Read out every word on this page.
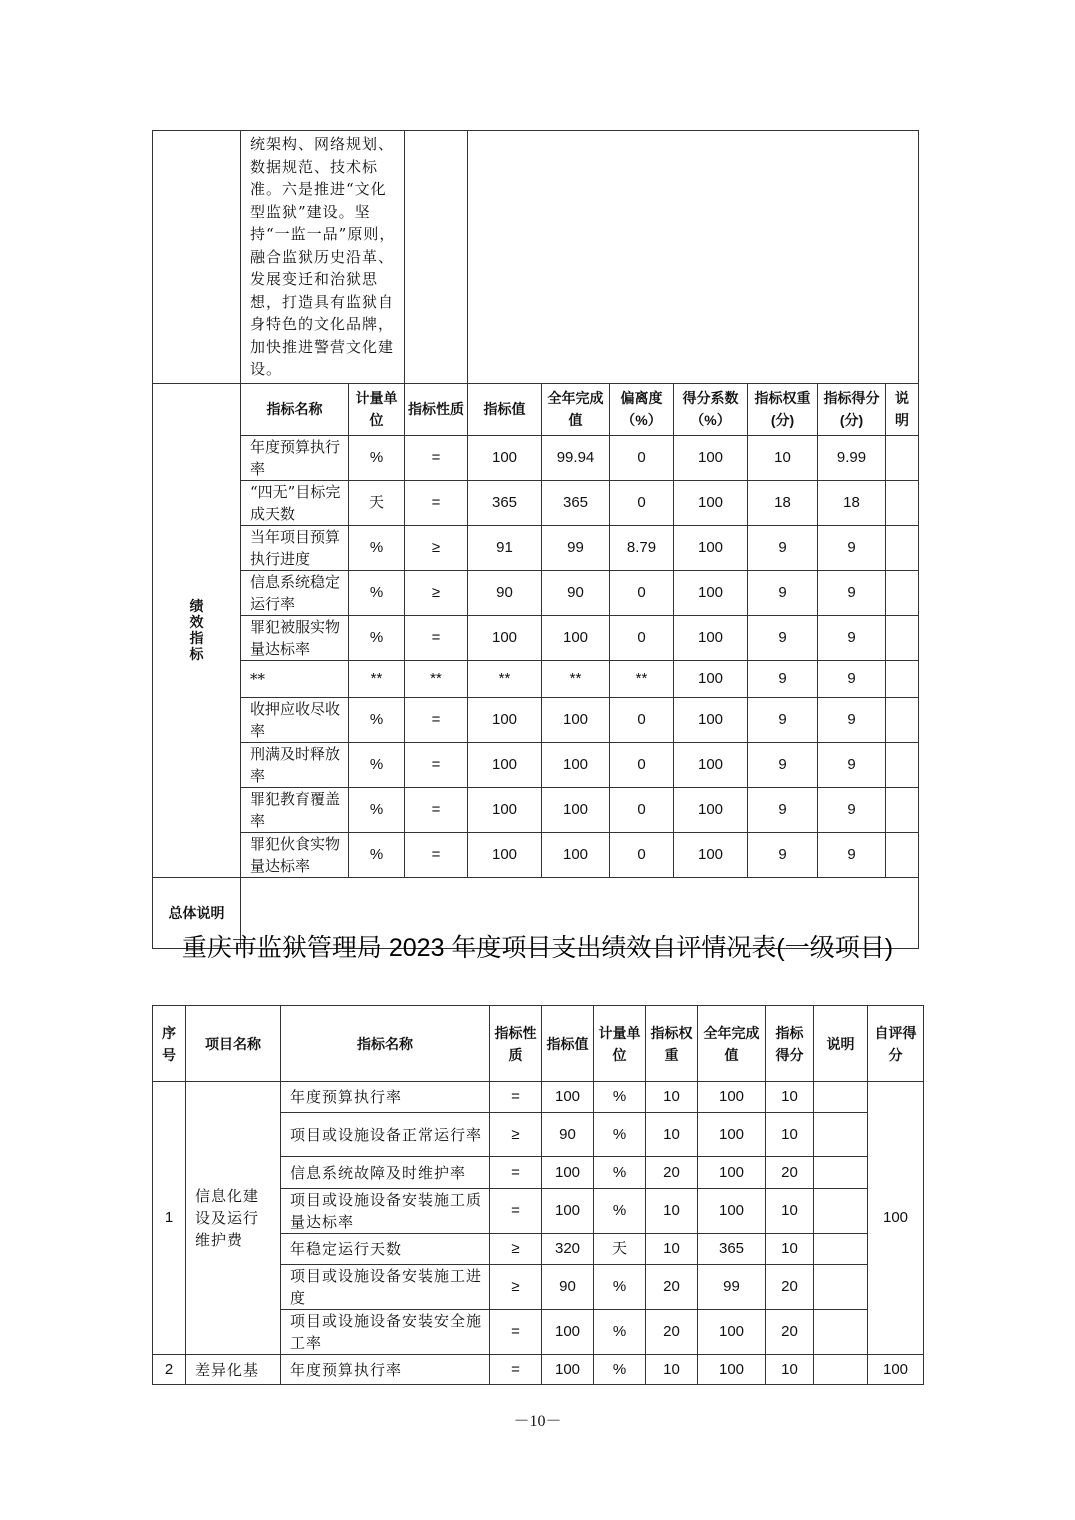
	统架构、网络规划、数据规范、技术标准。六是推进“文化型监狱”建设。坚持“一监一品”原则，融合监狱历史沿革、发展变迁和治狱思想，打造具有监狱自身特色的文化品牌，加快推进警营文化建设。									

绩
效
指
标	指标名称	计量单位	指标性质	指标值	全年完成值	偏离度（%）	得分系数（%）	指标权重(分)	指标得分(分)	说明
	年度预算执行率	%	=	100	99.94	0	100	10	9.99	
	“四无”目标完成天数	天	=	365	365	0	100	18	18	
	当年项目预算执行进度	%	≥	91	99	8.79	100	9	9	
	信息系统稳定运行率	%	≥	90	90	0	100	9	9	
	罪犯被服实物量达标率	%	=	100	100	0	100	9	9	
	**	**	**	**	**	**	100	9	9	
	收押应收尽收率	%	=	100	100	0	100	9	9	
	刑满及时释放率	%	=	100	100	0	100	9	9	
	罪犯教育覆盖率	%	=	100	100	0	100	9	9	
	罪犯伙食实物量达标率	%	=	100	100	0	100	9	9	
总体说明										
重庆市监狱管理局 2023 年度项目支出绩效自评情况表(一级项目)
序号	项目名称	指标名称	指标性质	指标值	计量单位	指标权重	全年完成值	指标得分	说明	自评得分
1	信息化建设及运行维护费	年度预算执行率	=	100	%	10	100	10		100
		项目或设施设备正常运行率	≥	90	%	10	100	10		
		信息系统故障及时维护率	=	100	%	20	100	20		
		项目或设施设备安装施工质量达标率	=	100	%	10	100	10		
		年稳定运行天数	≥	320	天	10	365	10		
		项目或设施设备安装施工进度	≥	90	%	20	99	20		
		项目或设施设备安装安全施工率	=	100	%	20	100	20		
2	差异化基	年度预算执行率	=	100	%	10	100	10		100
－10－
